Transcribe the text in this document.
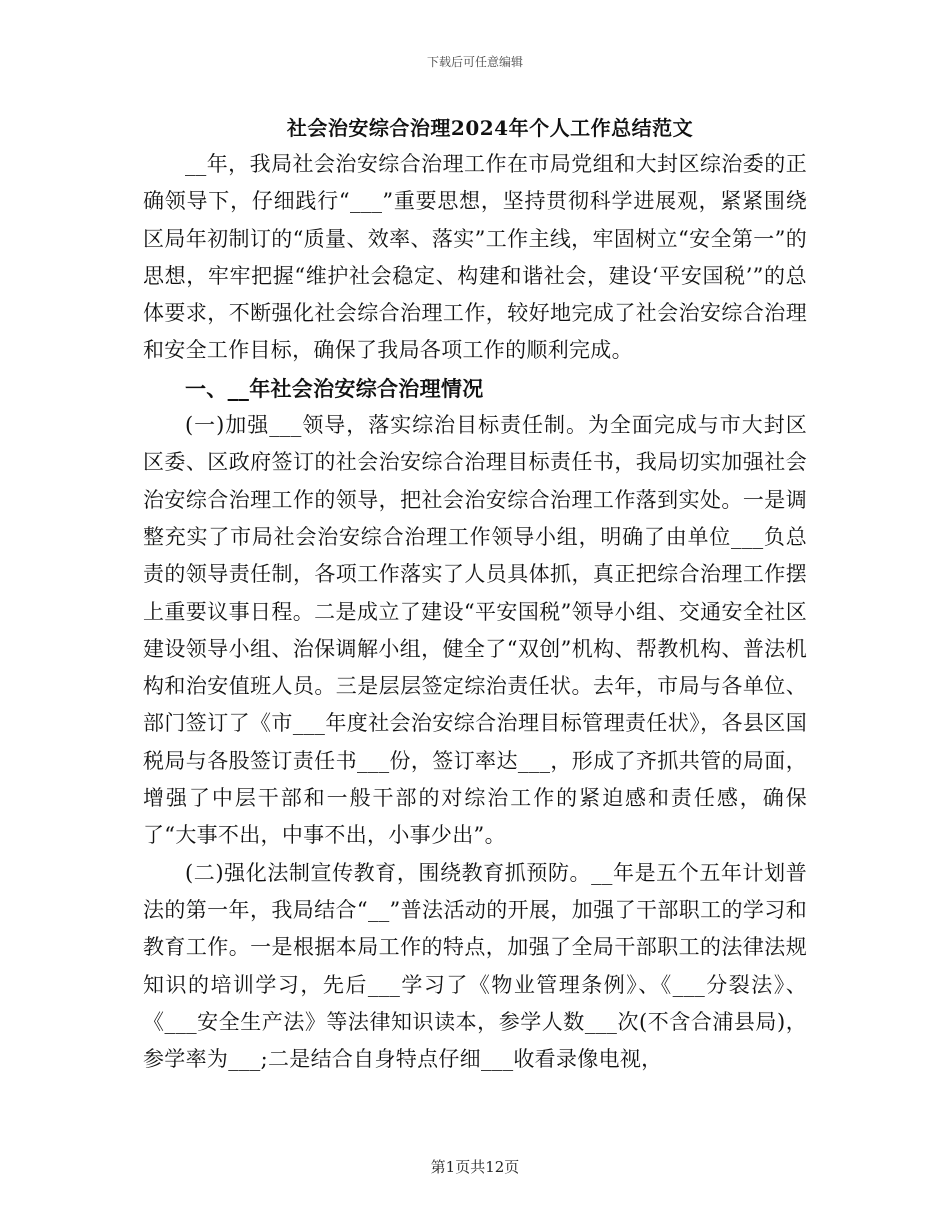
下载后可任意编辑
社会治安综合治理2024年个人工作总结范文

__年，我局社会治安综合治理工作在市局党组和大封区综治委的正确领导下，仔细践行“___”重要思想，坚持贯彻科学进展观，紧紧围绕区局年初制订的“质量、效率、落实”工作主线，牢固树立“安全第一”的思想，牢牢把握“维护社会稳定、构建和谐社会，建设‘平安国税’”的总体要求，不断强化社会综合治理工作，较好地完成了社会治安综合治理和安全工作目标，确保了我局各项工作的顺利完成。

一、__年社会治安综合治理情况

(一)加强___领导，落实综治目标责任制。为全面完成与市大封区区委、区政府签订的社会治安综合治理目标责任书，我局切实加强社会治安综合治理工作的领导，把社会治安综合治理工作落到实处。一是调整充实了市局社会治安综合治理工作领导小组，明确了由单位___负总责的领导责任制，各项工作落实了人员具体抓，真正把综合治理工作摆上重要议事日程。二是成立了建设“平安国税”领导小组、交通安全社区建设领导小组、治保调解小组，健全了“双创”机构、帮教机构、普法机构和治安值班人员。三是层层签定综治责任状。去年，市局与各单位、部门签订了《市___年度社会治安综合治理目标管理责任状》，各县区国税局与各股签订责任书___份，签订率达___，形成了齐抓共管的局面，增强了中层干部和一般干部的对综治工作的紧迫感和责任感，确保了“大事不出，中事不出，小事少出”。

(二)强化法制宣传教育，围绕教育抓预防。__年是五个五年计划普法的第一年，我局结合“__”普法活动的开展，加强了干部职工的学习和教育工作。一是根据本局工作的特点，加强了全局干部职工的法律法规知识的培训学习，先后___学习了《物业管理条例》、《___分裂法》、《___安全生产法》等法律知识读本，参学人数___次(不含合浦县局)，参学率为___;二是结合自身特点仔细___收看录像电视，

第1页共12页
